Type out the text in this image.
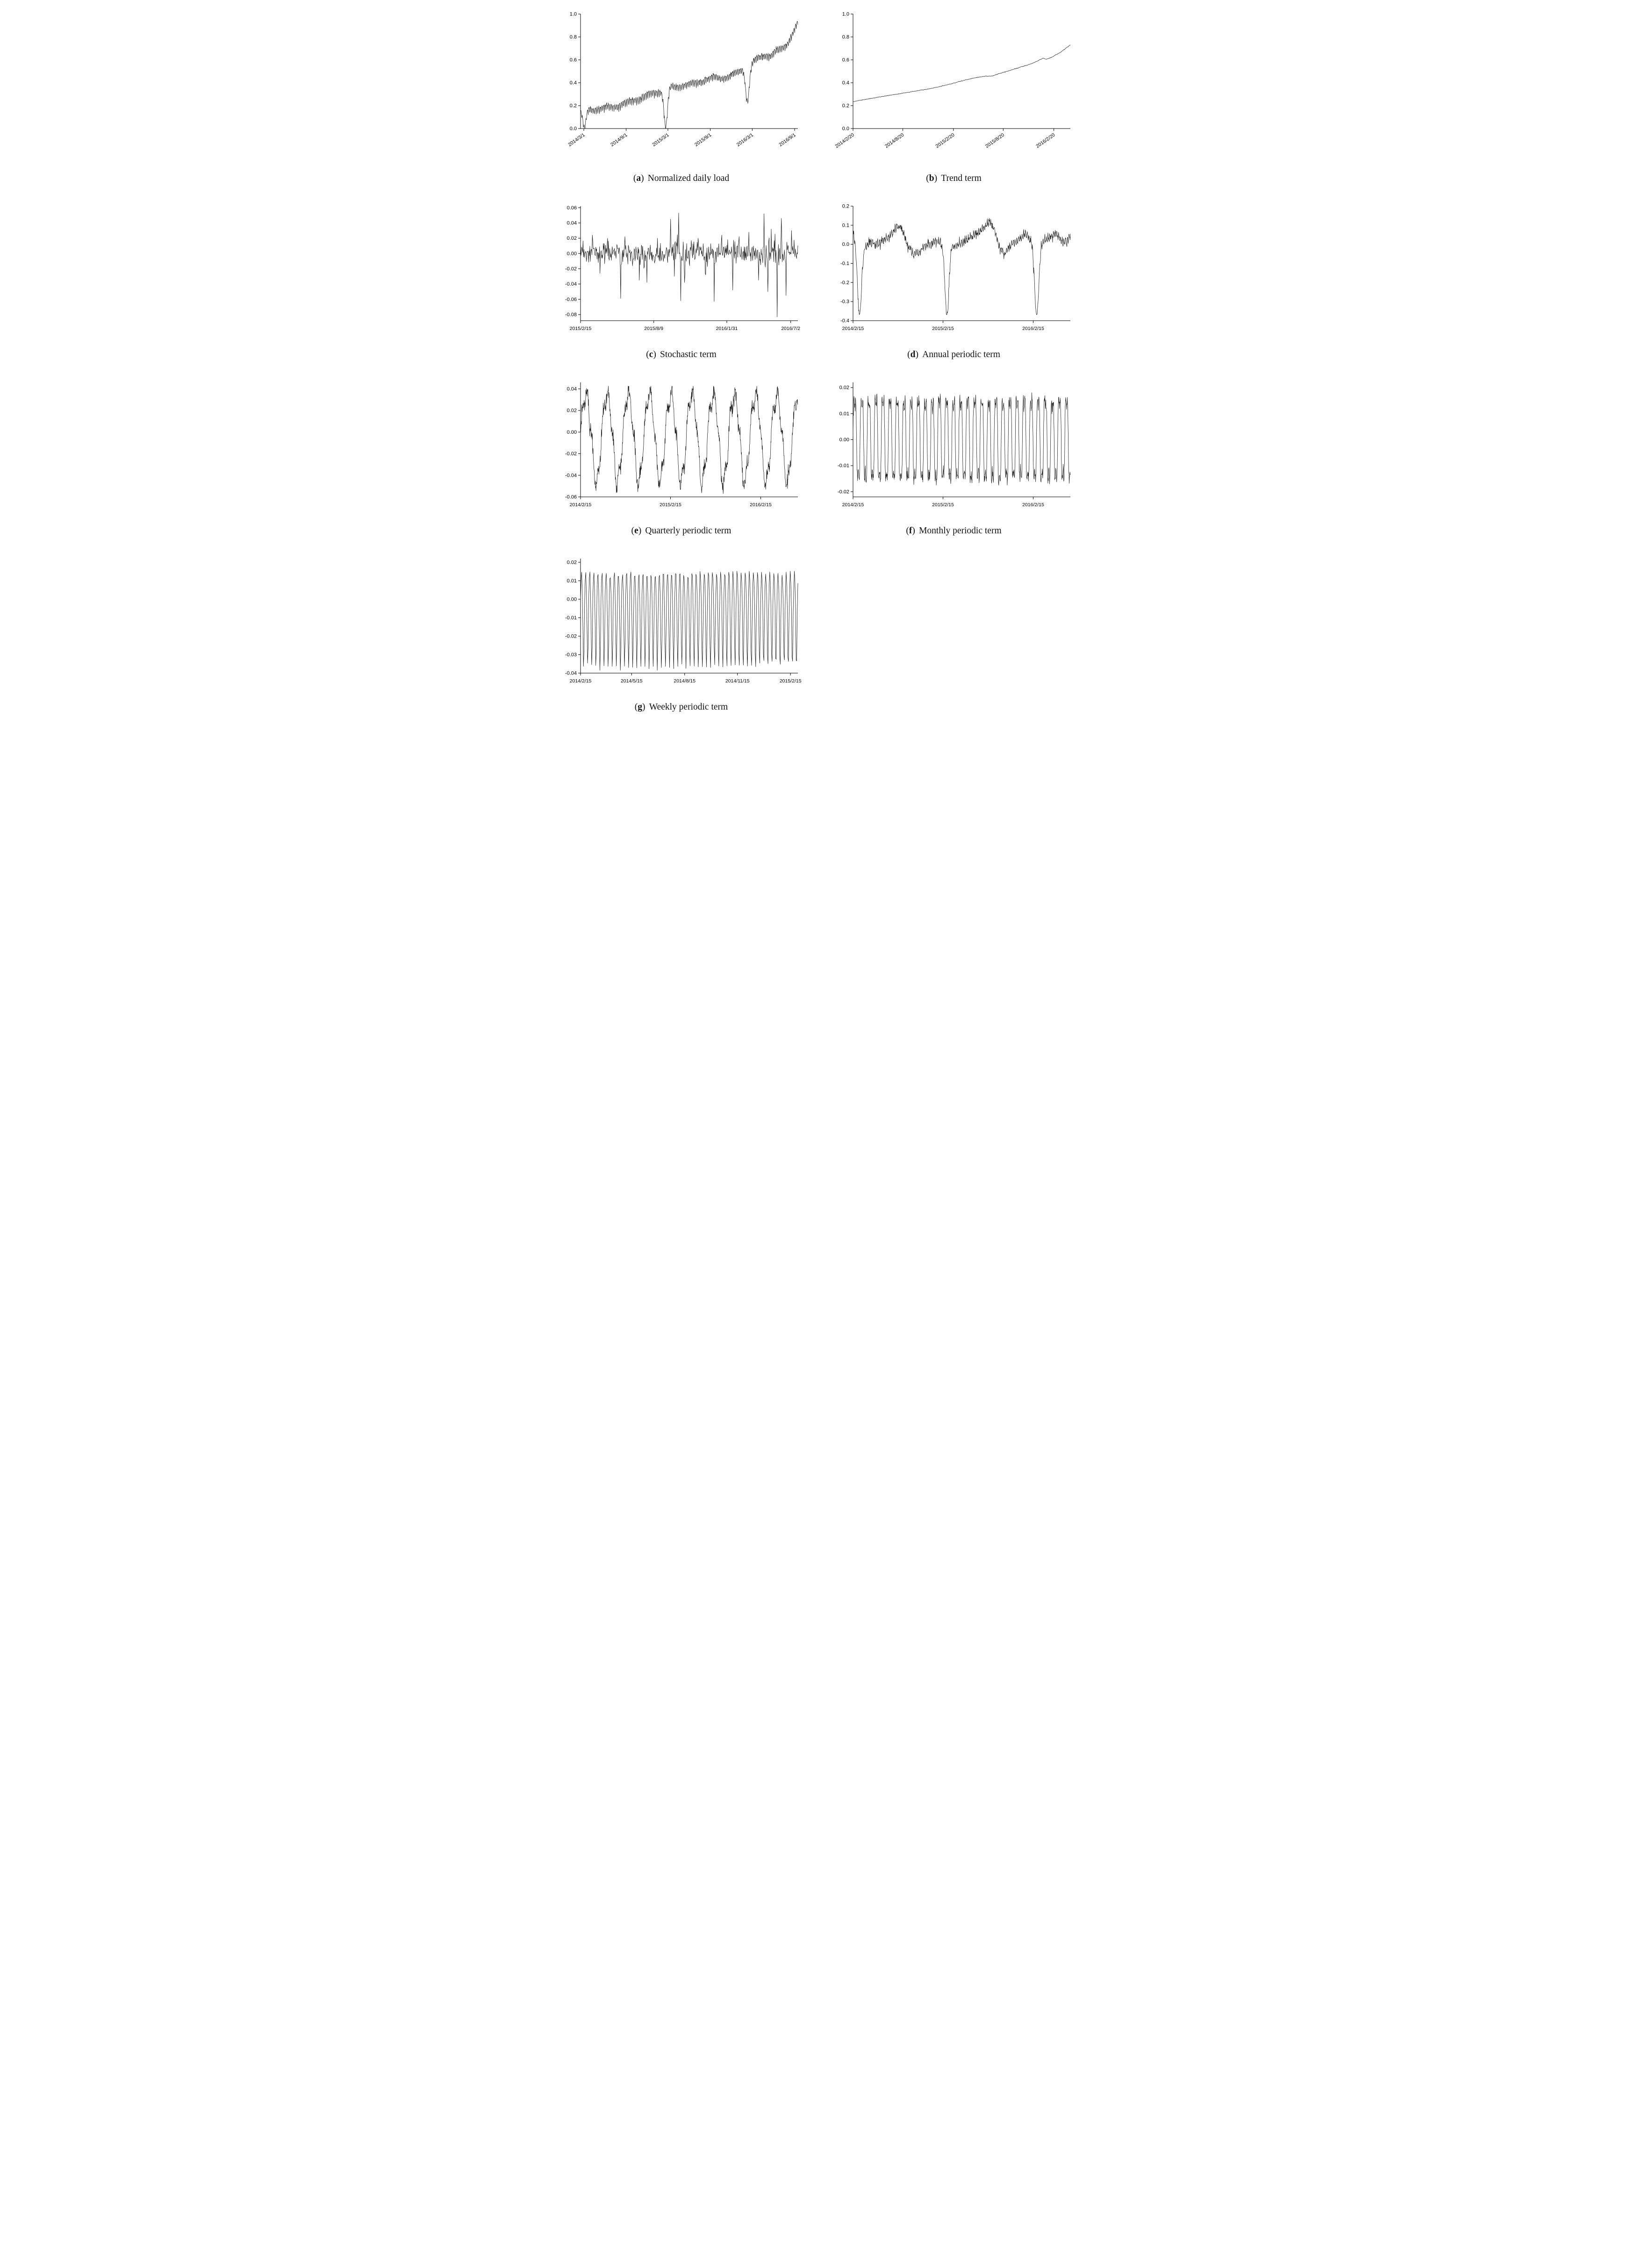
1.0
0.8
0.6
0.4
0.2
0.0
2014/3/1	2014/9/1	2015/3/1	2015/9/1	2016/3/1	2016/9/1
(a) Normalized daily load
1.0
0.8
0.6
0.4
0.2
0.0
2014/2/20	2014/8/20	2015/2/20	2015/8/20	2016/2/20
(b) Trend term
0.06
0.04
0.02
0.00
-0.02
-0.04
-0.06
-0.08
2015/2/15	2015/8/9	2016/1/31	2016/7/2
(c) Stochastic term
0.2
0.1
0.0
-0.1
-0.2
-0.3
-0.4
2014/2/15	2015/2/15	2016/2/15
(d) Annual periodic term
0.04
0.02
0.00
-0.02
-0.04
-0.06
2014/2/15	2015/2/15	2016/2/15
(e) Quarterly periodic term
0.02
0.01
0.00
-0.01
-0.02
2014/2/15	2015/2/15	2016/2/15
(f) Monthly periodic term
0.02
0.01
0.00
-0.01
-0.02
-0.03
-0.04
2014/2/15	2014/5/15	2014/8/15	2014/11/15	2015/2/15
(g) Weekly periodic term
